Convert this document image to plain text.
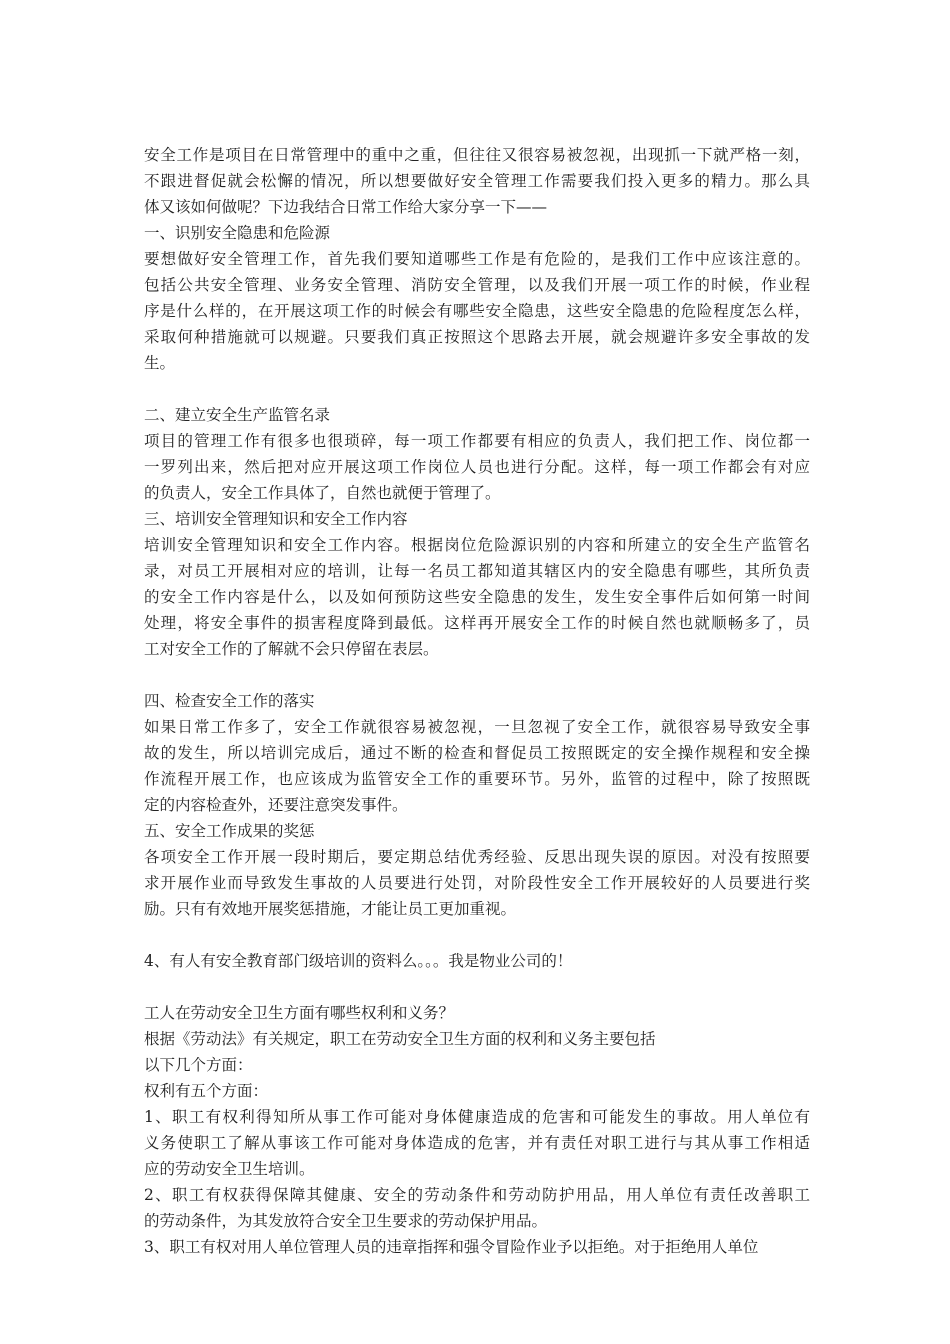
安全工作是项目在日常管理中的重中之重，但往往又很容易被忽视，出现抓一下就严格一刻，
不跟进督促就会松懈的情况，所以想要做好安全管理工作需要我们投入更多的精力。那么具
体又该如何做呢？下边我结合日常工作给大家分享一下——
一、识别安全隐患和危险源
要想做好安全管理工作，首先我们要知道哪些工作是有危险的，是我们工作中应该注意的。
包括公共安全管理、业务安全管理、消防安全管理，以及我们开展一项工作的时候，作业程
序是什么样的，在开展这项工作的时候会有哪些安全隐患，这些安全隐患的危险程度怎么样，
采取何种措施就可以规避。只要我们真正按照这个思路去开展，就会规避许多安全事故的发
生。
二、建立安全生产监管名录
项目的管理工作有很多也很琐碎，每一项工作都要有相应的负责人，我们把工作、岗位都一
一罗列出来，然后把对应开展这项工作岗位人员也进行分配。这样，每一项工作都会有对应
的负责人，安全工作具体了，自然也就便于管理了。
三、培训安全管理知识和安全工作内容
培训安全管理知识和安全工作内容。根据岗位危险源识别的内容和所建立的安全生产监管名
录，对员工开展相对应的培训，让每一名员工都知道其辖区内的安全隐患有哪些，其所负责
的安全工作内容是什么，以及如何预防这些安全隐患的发生，发生安全事件后如何第一时间
处理，将安全事件的损害程度降到最低。这样再开展安全工作的时候自然也就顺畅多了，员
工对安全工作的了解就不会只停留在表层。
四、检查安全工作的落实
如果日常工作多了，安全工作就很容易被忽视，一旦忽视了安全工作，就很容易导致安全事
故的发生，所以培训完成后，通过不断的检查和督促员工按照既定的安全操作规程和安全操
作流程开展工作，也应该成为监管安全工作的重要环节。另外，监管的过程中，除了按照既
定的内容检查外，还要注意突发事件。
五、安全工作成果的奖惩
各项安全工作开展一段时期后，要定期总结优秀经验、反思出现失误的原因。对没有按照要
求开展作业而导致发生事故的人员要进行处罚，对阶段性安全工作开展较好的人员要进行奖
励。只有有效地开展奖惩措施，才能让员工更加重视。
4、有人有安全教育部门级培训的资料么。。。我是物业公司的！
工人在劳动安全卫生方面有哪些权利和义务？
根据《劳动法》有关规定，职工在劳动安全卫生方面的权利和义务主要包括
以下几个方面：
权利有五个方面：
1、职工有权利得知所从事工作可能对身体健康造成的危害和可能发生的事故。用人单位有
义务使职工了解从事该工作可能对身体造成的危害，并有责任对职工进行与其从事工作相适
应的劳动安全卫生培训。
2、职工有权获得保障其健康、安全的劳动条件和劳动防护用品，用人单位有责任改善职工
的劳动条件，为其发放符合安全卫生要求的劳动保护用品。
3、职工有权对用人单位管理人员的违章指挥和强令冒险作业予以拒绝。对于拒绝用人单位
